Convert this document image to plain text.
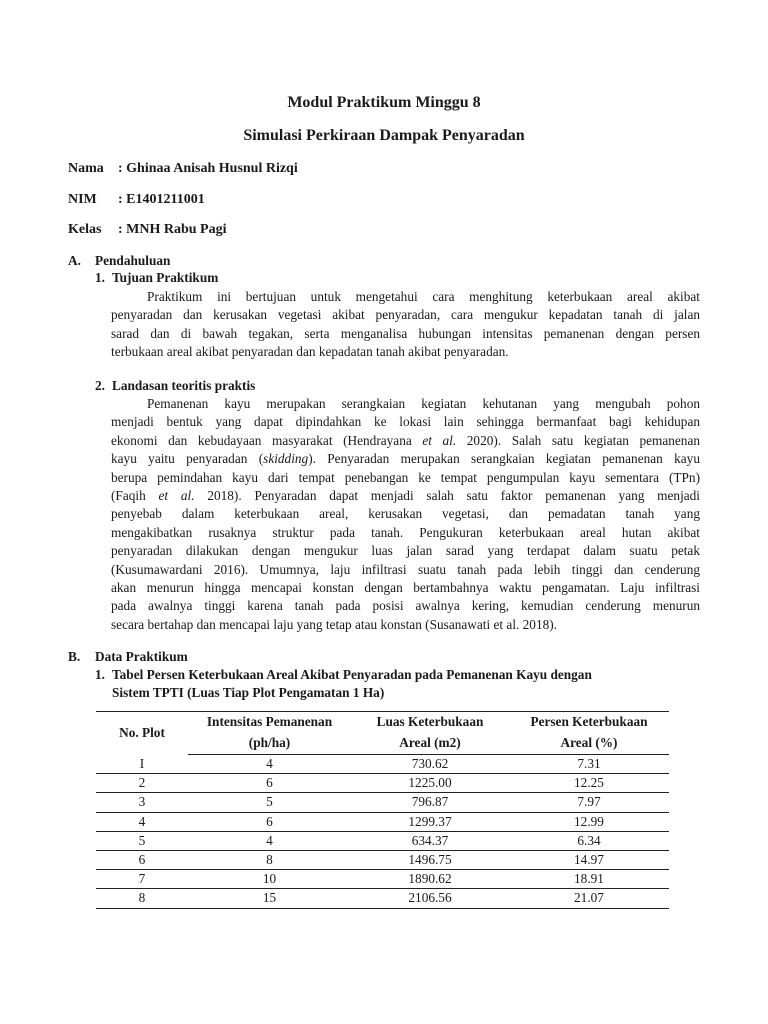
Modul Praktikum Minggu 8
Simulasi Perkiraan Dampak Penyaradan
Nama : Ghinaa Anisah Husnul Rizqi
NIM : E1401211001
Kelas : MNH Rabu Pagi
A. Pendahuluan
1. Tujuan Praktikum
Praktikum ini bertujuan untuk mengetahui cara menghitung keterbukaan areal akibat
penyaradan dan kerusakan vegetasi akibat penyaradan, cara mengukur kepadatan tanah di jalan
sarad dan di bawah tegakan, serta menganalisa hubungan intensitas pemanenan dengan persen
terbukaan areal akibat penyaradan dan kepadatan tanah akibat penyaradan.
2. Landasan teoritis praktis
Pemanenan kayu merupakan serangkaian kegiatan kehutanan yang mengubah pohon
menjadi bentuk yang dapat dipindahkan ke lokasi lain sehingga bermanfaat bagi kehidupan
ekonomi dan kebudayaan masyarakat (Hendrayana et al. 2020). Salah satu kegiatan pemanenan
kayu yaitu penyaradan (skidding). Penyaradan merupakan serangkaian kegiatan pemanenan kayu
berupa pemindahan kayu dari tempat penebangan ke tempat pengumpulan kayu sementara (TPn)
(Faqih et al. 2018). Penyaradan dapat menjadi salah satu faktor pemanenan yang menjadi
penyebab dalam keterbukaan areal, kerusakan vegetasi, dan pemadatan tanah yang
mengakibatkan rusaknya struktur pada tanah. Pengukuran keterbukaan areal hutan akibat
penyaradan dilakukan dengan mengukur luas jalan sarad yang terdapat dalam suatu petak
(Kusumawardani 2016). Umumnya, laju infiltrasi suatu tanah pada lebih tinggi dan cenderung
akan menurun hingga mencapai konstan dengan bertambahnya waktu pengamatan. Laju infiltrasi
pada awalnya tinggi karena tanah pada posisi awalnya kering, kemudian cenderung menurun
secara bertahap dan mencapai laju yang tetap atau konstan (Susanawati et al. 2018).
B. Data Praktikum
1. Tabel Persen Keterbukaan Areal Akibat Penyaradan pada Pemanenan Kayu dengan
Sistem TPTI (Luas Tiap Plot Pengamatan 1 Ha)
No. Plot	Intensitas Pemanenan	Luas Keterbukaan	Persen Keterbukaan
	(ph/ha)	Areal (m2)	Areal (%)
I	4	730.62	7.31
2	6	1225.00	12.25
3	5	796.87	7.97
4	6	1299.37	12.99
5	4	634.37	6.34
6	8	1496.75	14.97
7	10	1890.62	18.91
8	15	2106.56	21.07
